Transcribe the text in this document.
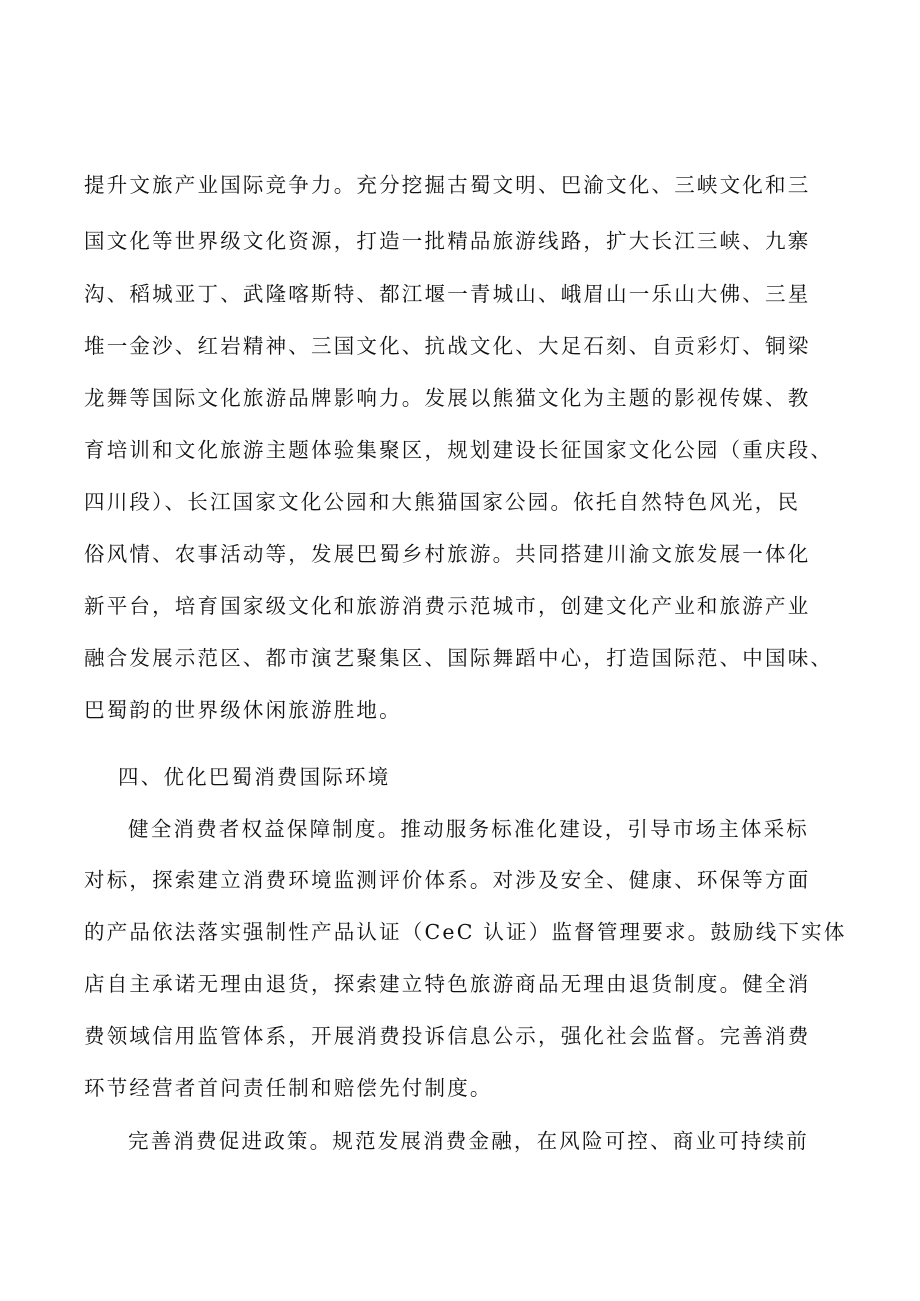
提升文旅产业国际竞争力。充分挖掘古蜀文明、巴渝文化、三峡文化和三
国文化等世界级文化资源，打造一批精品旅游线路，扩大长江三峡、九寨
沟、稻城亚丁、武隆喀斯特、都江堰一青城山、峨眉山一乐山大佛、三星
堆一金沙、红岩精神、三国文化、抗战文化、大足石刻、自贡彩灯、铜梁
龙舞等国际文化旅游品牌影响力。发展以熊猫文化为主题的影视传媒、教
育培训和文化旅游主题体验集聚区，规划建设长征国家文化公园（重庆段、
四川段）、长江国家文化公园和大熊猫国家公园。依托自然特色风光，民
俗风情、农事活动等，发展巴蜀乡村旅游。共同搭建川渝文旅发展一体化
新平台，培育国家级文化和旅游消费示范城市，创建文化产业和旅游产业
融合发展示范区、都市演艺聚集区、国际舞蹈中心，打造国际范、中国味、
巴蜀韵的世界级休闲旅游胜地。
四、优化巴蜀消费国际环境
健全消费者权益保障制度。推动服务标准化建设，引导市场主体采标
对标，探索建立消费环境监测评价体系。对涉及安全、健康、环保等方面
的产品依法落实强制性产品认证（CeC 认证）监督管理要求。鼓励线下实体
店自主承诺无理由退货，探索建立特色旅游商品无理由退货制度。健全消
费领域信用监管体系，开展消费投诉信息公示，强化社会监督。完善消费
环节经营者首问责任制和赔偿先付制度。
完善消费促进政策。规范发展消费金融，在风险可控、商业可持续前
